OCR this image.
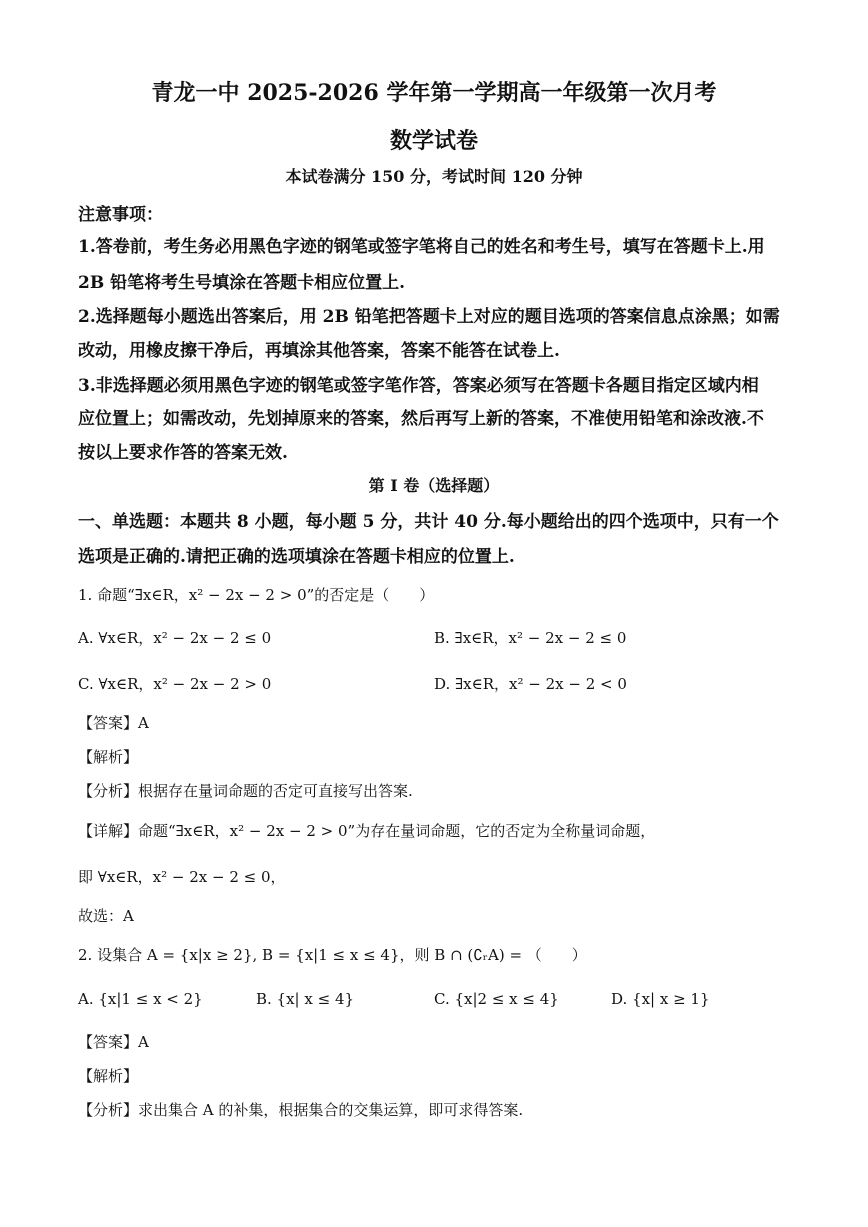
青龙一中 2025-2026 学年第一学期高一年级第一次月考
数学试卷
本试卷满分 150 分，考试时间 120 分钟
注意事项：
1.答卷前，考生务必用黑色字迹的钢笔或签字笔将自己的姓名和考生号，填写在答题卡上.用
2B 铅笔将考生号填涂在答题卡相应位置上.
2.选择题每小题选出答案后，用 2B 铅笔把答题卡上对应的题目选项的答案信息点涂黑；如需
改动，用橡皮擦干净后，再填涂其他答案，答案不能答在试卷上.
3.非选择题必须用黑色字迹的钢笔或签字笔作答，答案必须写在答题卡各题目指定区域内相
应位置上；如需改动，先划掉原来的答案，然后再写上新的答案，不准使用铅笔和涂改液.不
按以上要求作答的答案无效.
第 I 卷（选择题）
一、单选题：本题共 8 小题，每小题 5 分，共计 40 分.每小题给出的四个选项中，只有一个
选项是正确的.请把正确的选项填涂在答题卡相应的位置上.
1. 命题“∃x∈R，x² − 2x − 2 > 0”的否定是（　　）
A. ∀x∈R，x² − 2x − 2 ≤ 0	B. ∃x∈R，x² − 2x − 2 ≤ 0
C. ∀x∈R，x² − 2x − 2 > 0	D. ∃x∈R，x² − 2x − 2 < 0
【答案】A
【解析】
【分析】根据存在量词命题的否定可直接写出答案.
【详解】命题“∃x∈R，x² − 2x − 2 > 0”为存在量词命题，它的否定为全称量词命题，
即 ∀x∈R，x² − 2x − 2 ≤ 0，
故选：A
2. 设集合 A = {x|x ≥ 2}, B = {x|1 ≤ x ≤ 4}，则 B ∩ (∁ᵣA) = （　　）
A. {x|1 ≤ x < 2}	B. {x| x ≤ 4}	C. {x|2 ≤ x ≤ 4}	D. {x| x ≥ 1}
【答案】A
【解析】
【分析】求出集合 A 的补集，根据集合的交集运算，即可求得答案.
